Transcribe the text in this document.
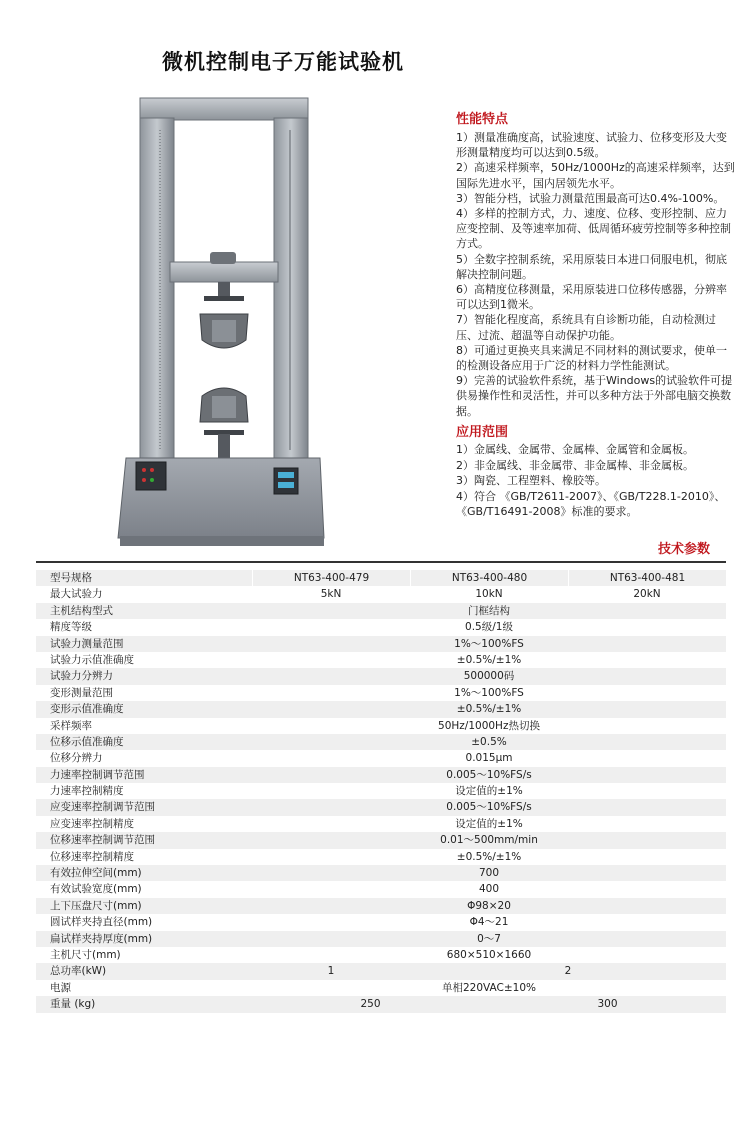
微机控制电子万能试验机
性能特点

1）测量准确度高，试验速度、试验力、位移变形及大变形测量精度均可以达到0.5级。

2）高速采样频率，50Hz/1000Hz的高速采样频率，达到国际先进水平，国内居领先水平。

3）智能分档，试验力测量范围最高可达0.4%-100%。

4）多样的控制方式，力、速度、位移、变形控制、应力应变控制、及等速率加荷、低周循环疲劳控制等多种控制方式。

5）全数字控制系统，采用原装日本进口伺服电机，彻底解决控制问题。

6）高精度位移测量，采用原装进口位移传感器，分辨率可以达到1微米。

7）智能化程度高，系统具有自诊断功能，自动检测过压、过流、超温等自动保护功能。

8）可通过更换夹具来满足不同材料的测试要求，使单一的检测设备应用于广泛的材料力学性能测试。

9）完善的试验软件系统，基于Windows的试验软件可提供易操作性和灵活性，并可以多种方法于外部电脑交换数据。

应用范围

1）金属线、金属带、金属棒、金属管和金属板。

2）非金属线、非金属带、非金属棒、非金属板。

3）陶瓷、工程塑料、橡胶等。

4）符合 《GB/T2611-2007》、《GB/T228.1-2010》、《GB/T16491-2008》标准的要求。

技术参数
型号规格	NT63-400-479	NT63-400-480	NT63-400-481
最大试验力	5kN	10kN	20kN
主机结构型式	门框结构
精度等级	0.5级/1级
试验力测量范围	1%～100%FS
试验力示值准确度	±0.5%/±1%
试验力分辨力	500000码
变形测量范围	1%～100%FS
变形示值准确度	±0.5%/±1%
采样频率	50Hz/1000Hz热切换
位移示值准确度	±0.5%
位移分辨力	0.015μm
力速率控制调节范围	0.005～10%FS/s
力速率控制精度	设定值的±1%
应变速率控制调节范围	0.005～10%FS/s
应变速率控制精度	设定值的±1%
位移速率控制调节范围	0.01～500mm/min
位移速率控制精度	±0.5%/±1%
有效拉伸空间(mm)	700
有效试验宽度(mm)	400
上下压盘尺寸(mm)	Φ98×20
圆试样夹持直径(mm)	Φ4～21
扁试样夹持厚度(mm)	0～7
主机尺寸(mm)	680×510×1660
总功率(kW)	1	2
电源	单相220VAC±10%
重量 (kg)	250	300
